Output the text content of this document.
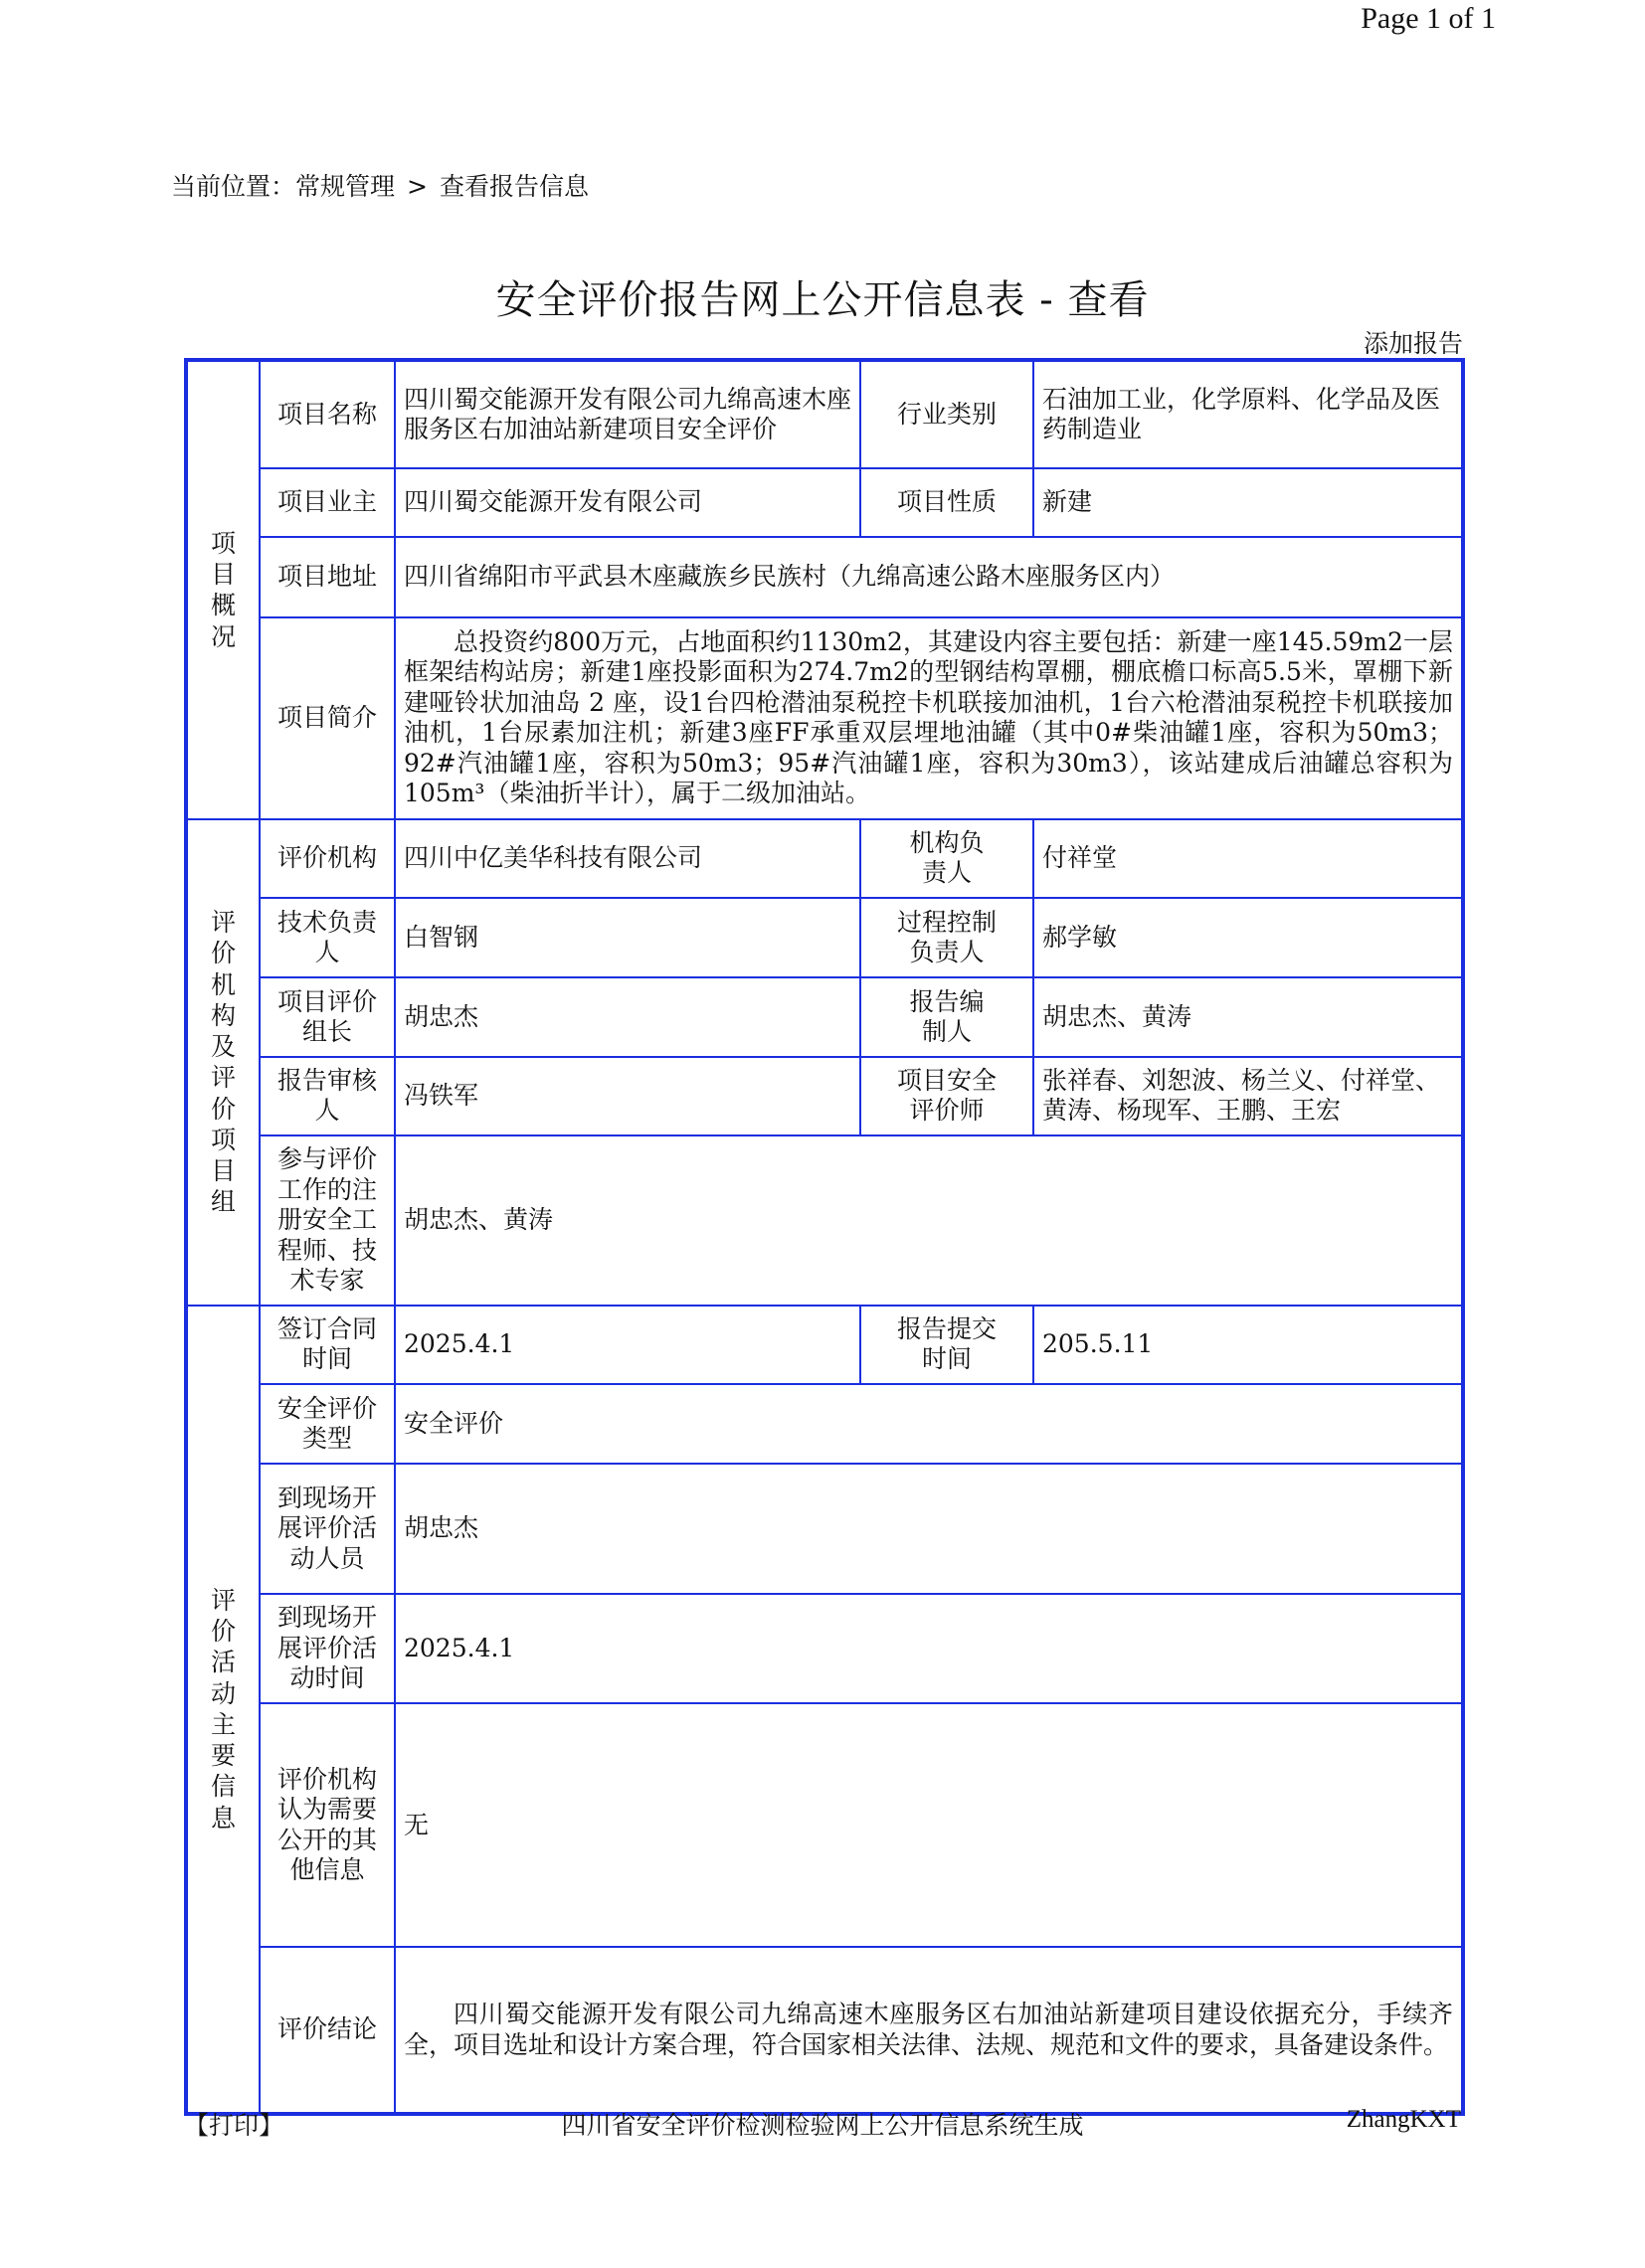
Page 1 of 1
当前位置：常规管理 > 查看报告信息
安全评价报告网上公开信息表 - 查看
添加报告
项目概况	项目名称	四川蜀交能源开发有限公司九绵高速木座服务区右加油站新建项目安全评价	行业类别	石油加工业，化学原料、化学品及医药制造业
	项目业主	四川蜀交能源开发有限公司	项目性质	新建
	项目地址	四川省绵阳市平武县木座藏族乡民族村（九绵高速公路木座服务区内）		
	项目简介	总投资约800万元，占地面积约1130m2，其建设内容主要包括：新建一座145.59m2一层框架结构站房；新建1座投影面积为274.7m2的型钢结构罩棚，棚底檐口标高5.5米，罩棚下新建哑铃状加油岛 2 座，设1台四枪潜油泵税控卡机联接加油机，1台六枪潜油泵税控卡机联接加油机，1台尿素加注机；新建3座FF承重双层埋地油罐（其中0#柴油罐1座，容积为50m3；92#汽油罐1座，容积为50m3；95#汽油罐1座，容积为30m3），该站建成后油罐总容积为105m³（柴油折半计），属于二级加油站。		

评价机构及评价项目组	评价机构	四川中亿美华科技有限公司	机构负责人	付祥堂

	技术负责人	白智钢	过程控制负责人	郝学敏

	项目评价组长	胡忠杰	报告编制人	胡忠杰、黄涛

	报告审核人	冯铁军	项目安全评价师	张祥春、刘恕波、杨兰义、付祥堂、黄涛、杨现军、王鹏、王宏

	参与评价工作的注册安全工程师、技术专家	胡忠杰、黄涛		

评价活动主要信息	签订合同时间	2025.4.1	报告提交时间	205.5.11

	安全评价类型	安全评价		

	到现场开展评价活动人员	胡忠杰		

	到现场开展评价活动时间	2025.4.1		

	评价机构认为需要公开的其他信息	无		
	评价结论	四川蜀交能源开发有限公司九绵高速木座服务区右加油站新建项目建设依据充分，手续齐全，项目选址和设计方案合理，符合国家相关法律、法规、规范和文件的要求，具备建设条件。		
四川省安全评价检测检验网上公开信息系统生成
【打印】	ZhangKXT
